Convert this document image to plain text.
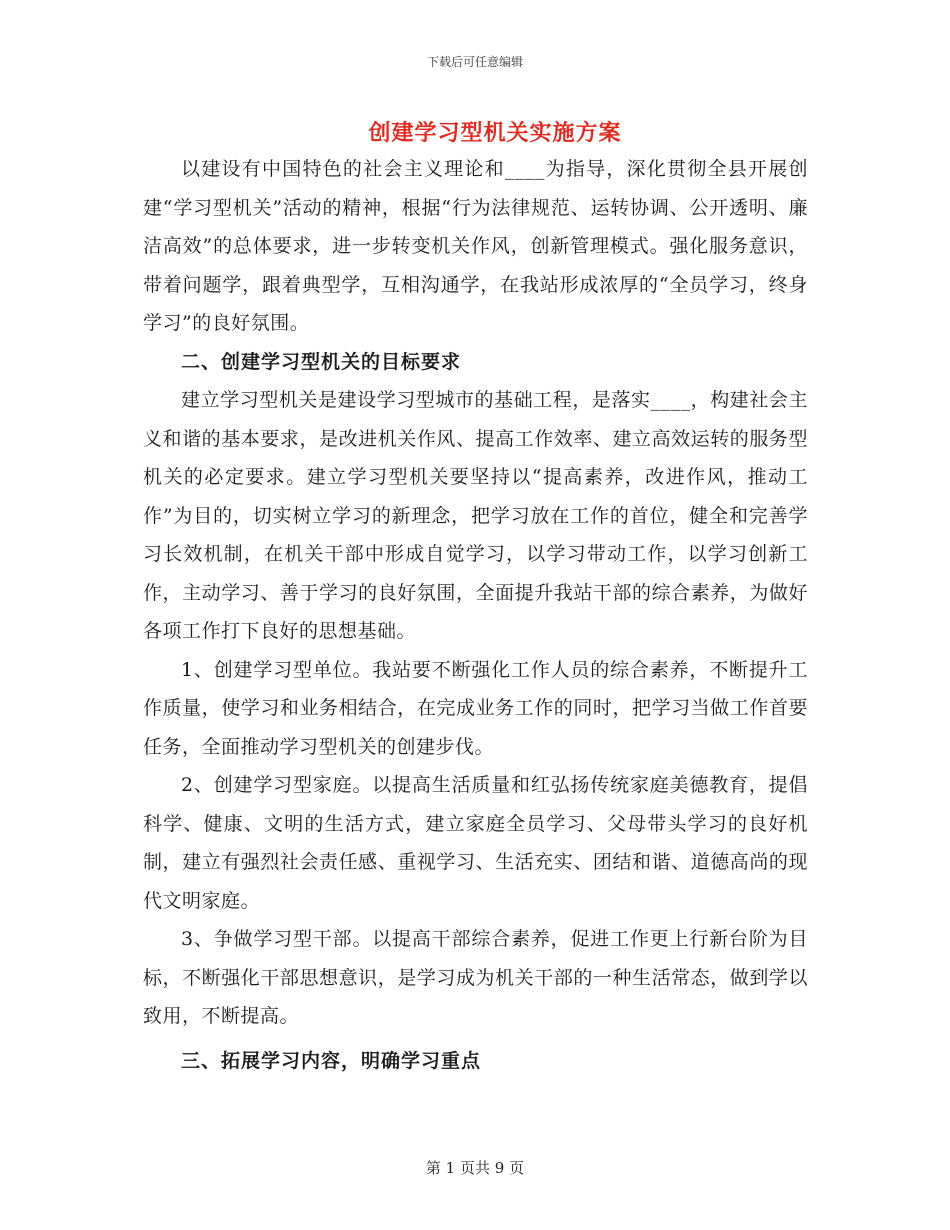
下载后可任意编辑
创建学习型机关实施方案

以建设有中国特色的社会主义理论和____为指导，深化贯彻全县开展创建“学习型机关”活动的精神，根据“行为法律规范、运转协调、公开透明、廉洁高效”的总体要求，进一步转变机关作风，创新管理模式。强化服务意识，带着问题学，跟着典型学，互相沟通学，在我站形成浓厚的“全员学习，终身学习”的良好氛围。

二、创建学习型机关的目标要求

建立学习型机关是建设学习型城市的基础工程，是落实____，构建社会主义和谐的基本要求，是改进机关作风、提高工作效率、建立高效运转的服务型机关的必定要求。建立学习型机关要坚持以“提高素养，改进作风，推动工作”为目的，切实树立学习的新理念，把学习放在工作的首位，健全和完善学习长效机制，在机关干部中形成自觉学习，以学习带动工作，以学习创新工作，主动学习、善于学习的良好氛围，全面提升我站干部的综合素养，为做好各项工作打下良好的思想基础。

1、创建学习型单位。我站要不断强化工作人员的综合素养，不断提升工作质量，使学习和业务相结合，在完成业务工作的同时，把学习当做工作首要任务，全面推动学习型机关的创建步伐。

2、创建学习型家庭。以提高生活质量和红弘扬传统家庭美德教育，提倡科学、健康、文明的生活方式，建立家庭全员学习、父母带头学习的良好机制，建立有强烈社会责任感、重视学习、生活充实、团结和谐、道德高尚的现代文明家庭。

3、争做学习型干部。以提高干部综合素养，促进工作更上行新台阶为目标，不断强化干部思想意识，是学习成为机关干部的一种生活常态，做到学以致用，不断提高。

三、拓展学习内容，明确学习重点

第 1 页共 9 页
